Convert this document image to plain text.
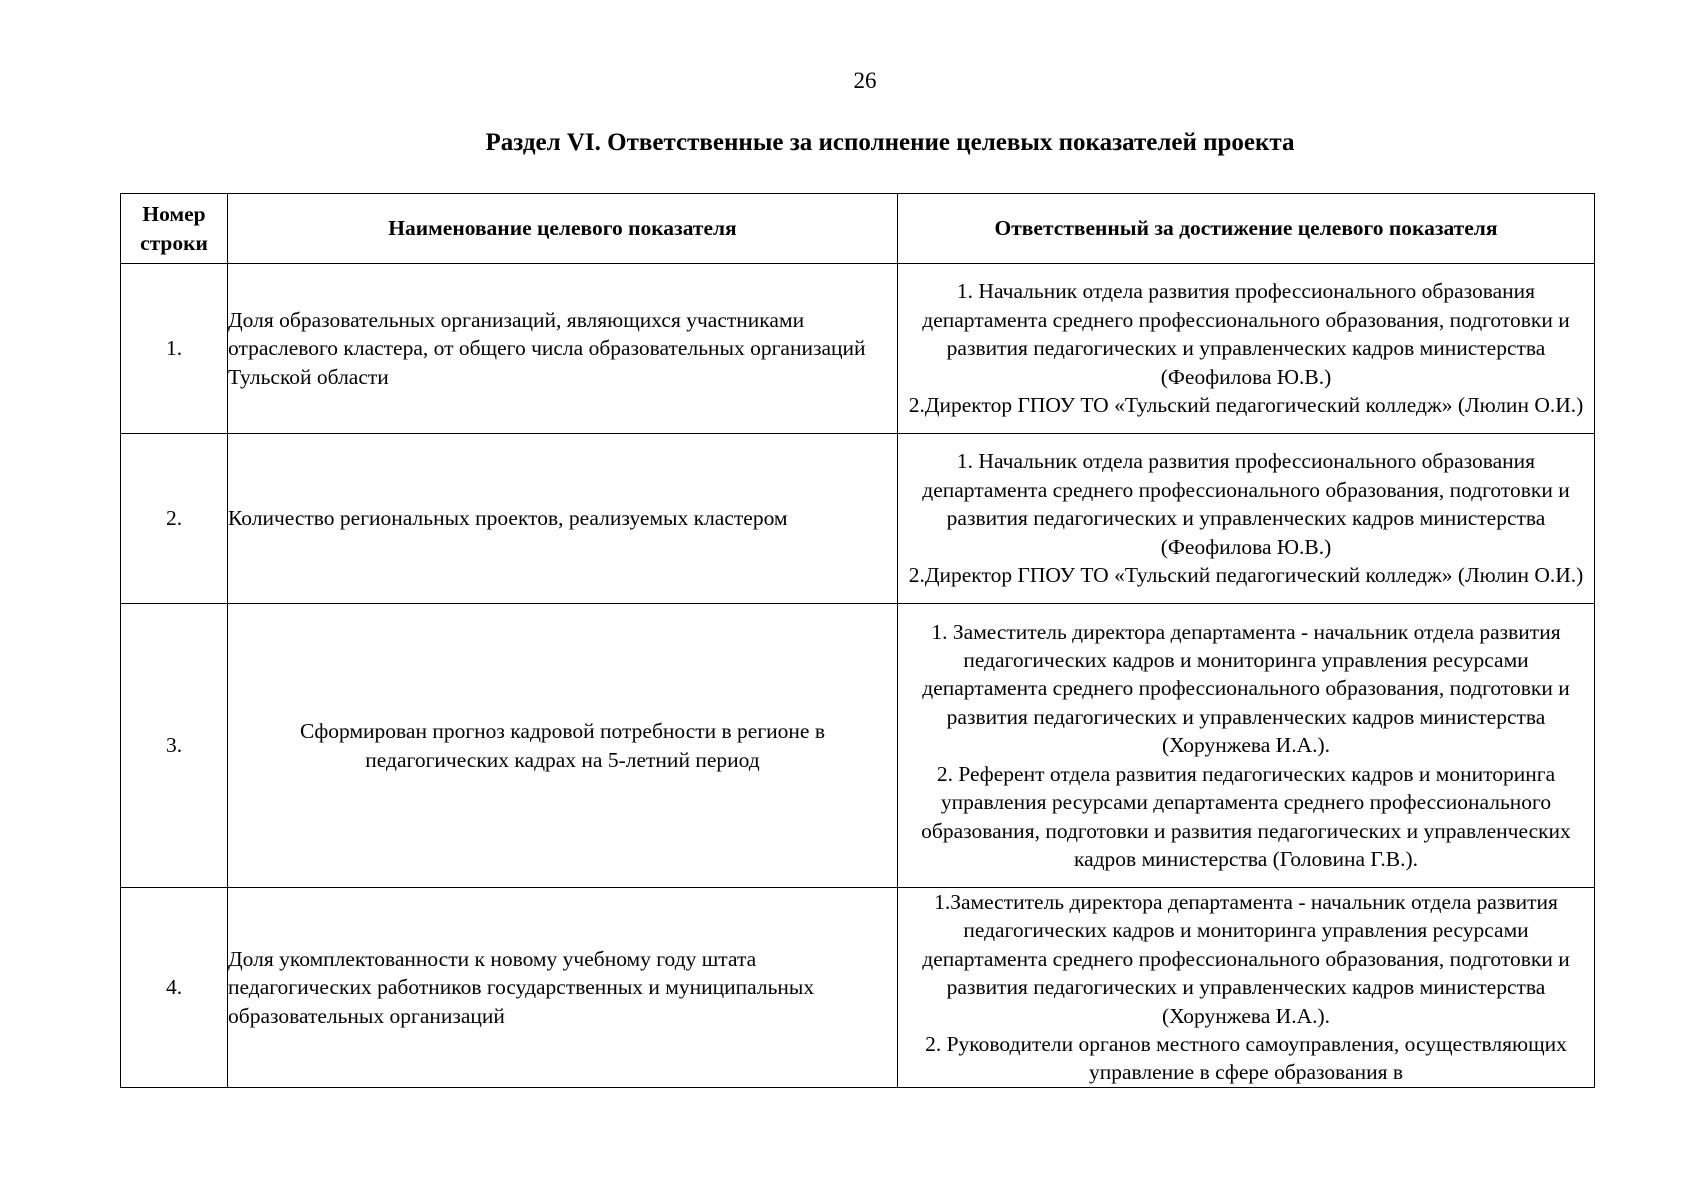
26
Раздел VI. Ответственные за исполнение целевых показателей проекта
Номер строки	Наименование целевого показателя	Ответственный за достижение целевого показателя
1.	Доля образовательных организаций, являющихся участниками отраслевого кластера, от общего числа образовательных организаций Тульской области	1. Начальник отдела развития профессионального образования департамента среднего профессионального образования, подготовки и развития педагогических и управленческих кадров министерства (Феофилова Ю.В.)
2.Директор ГПОУ ТО «Тульский педагогический колледж» (Люлин О.И.)

2.	Количество региональных проектов, реализуемых кластером	1. Начальник отдела развития профессионального образования департамента среднего профессионального образования, подготовки и развития педагогических и управленческих кадров министерства (Феофилова Ю.В.)
2.Директор ГПОУ ТО «Тульский педагогический колледж» (Люлин О.И.)

3.	Сформирован прогноз кадровой потребности в регионе в педагогических кадрах на 5-летний период	1. Заместитель директора департамента - начальник отдела развития педагогических кадров и мониторинга управления ресурсами департамента среднего профессионального образования, подготовки и развития педагогических и управленческих кадров министерства (Хорунжева И.А.).
2. Референт отдела развития педагогических кадров и мониторинга управления ресурсами департамента среднего профессионального образования, подготовки и развития педагогических и управленческих кадров министерства (Головина Г.В.).

4.	Доля укомплектованности к новому учебному году штата педагогических работников государственных и муниципальных образовательных организаций	1.Заместитель директора департамента - начальник отдела развития педагогических кадров и мониторинга управления ресурсами департамента среднего профессионального образования, подготовки и развития педагогических и управленческих кадров министерства (Хорунжева И.А.).
2. Руководители органов местного самоуправления, осуществляющих управление в сфере образования в
